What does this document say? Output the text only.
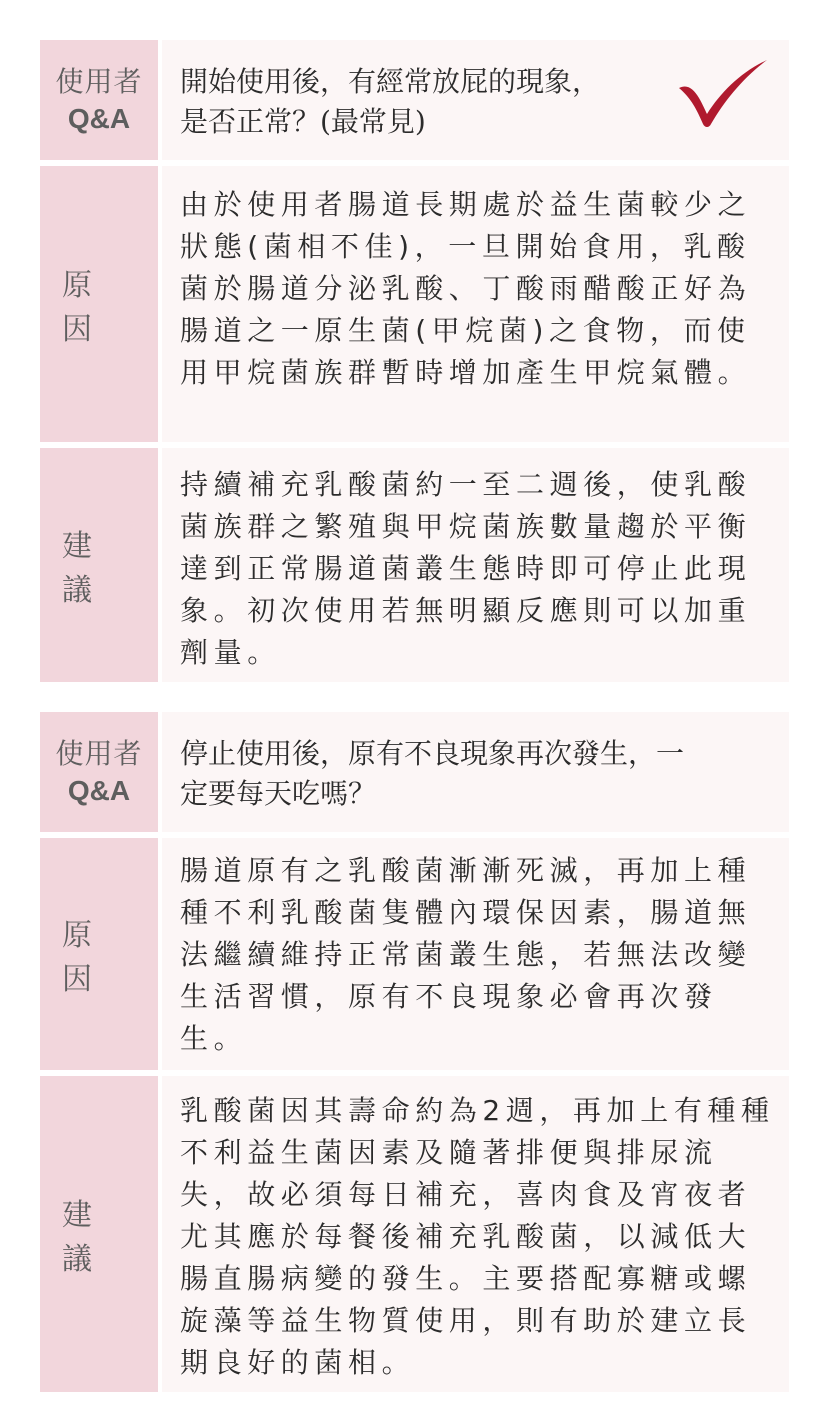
使用者
Q&A
開始使用後，有經常放屁的現象，
是否正常？(最常見)
原因
由於使用者腸道長期處於益生菌較少之狀態(菌相不佳)，一旦開始食用，乳酸菌於腸道分泌乳酸、丁酸雨醋酸正好為腸道之一原生菌(甲烷菌)之食物，而使用甲烷菌族群暫時增加產生甲烷氣體。
建議
持續補充乳酸菌約一至二週後，使乳酸菌族群之繁殖與甲烷菌族數量趨於平衡達到正常腸道菌叢生態時即可停止此現象。初次使用若無明顯反應則可以加重劑量。
使用者
Q&A
停止使用後，原有不良現象再次發生，一
定要每天吃嗎？
原因
腸道原有之乳酸菌漸漸死滅，再加上種種不利乳酸菌隻體內環保因素，腸道無法繼續維持正常菌叢生態，若無法改變生活習慣，原有不良現象必會再次發生。
建議
乳酸菌因其壽命約為2週，再加上有種種不利益生菌因素及隨著排便與排尿流失，故必須每日補充，喜肉食及宵夜者尤其應於每餐後補充乳酸菌，以減低大腸直腸病變的發生。主要搭配寡糖或螺旋藻等益生物質使用，則有助於建立長期良好的菌相。
